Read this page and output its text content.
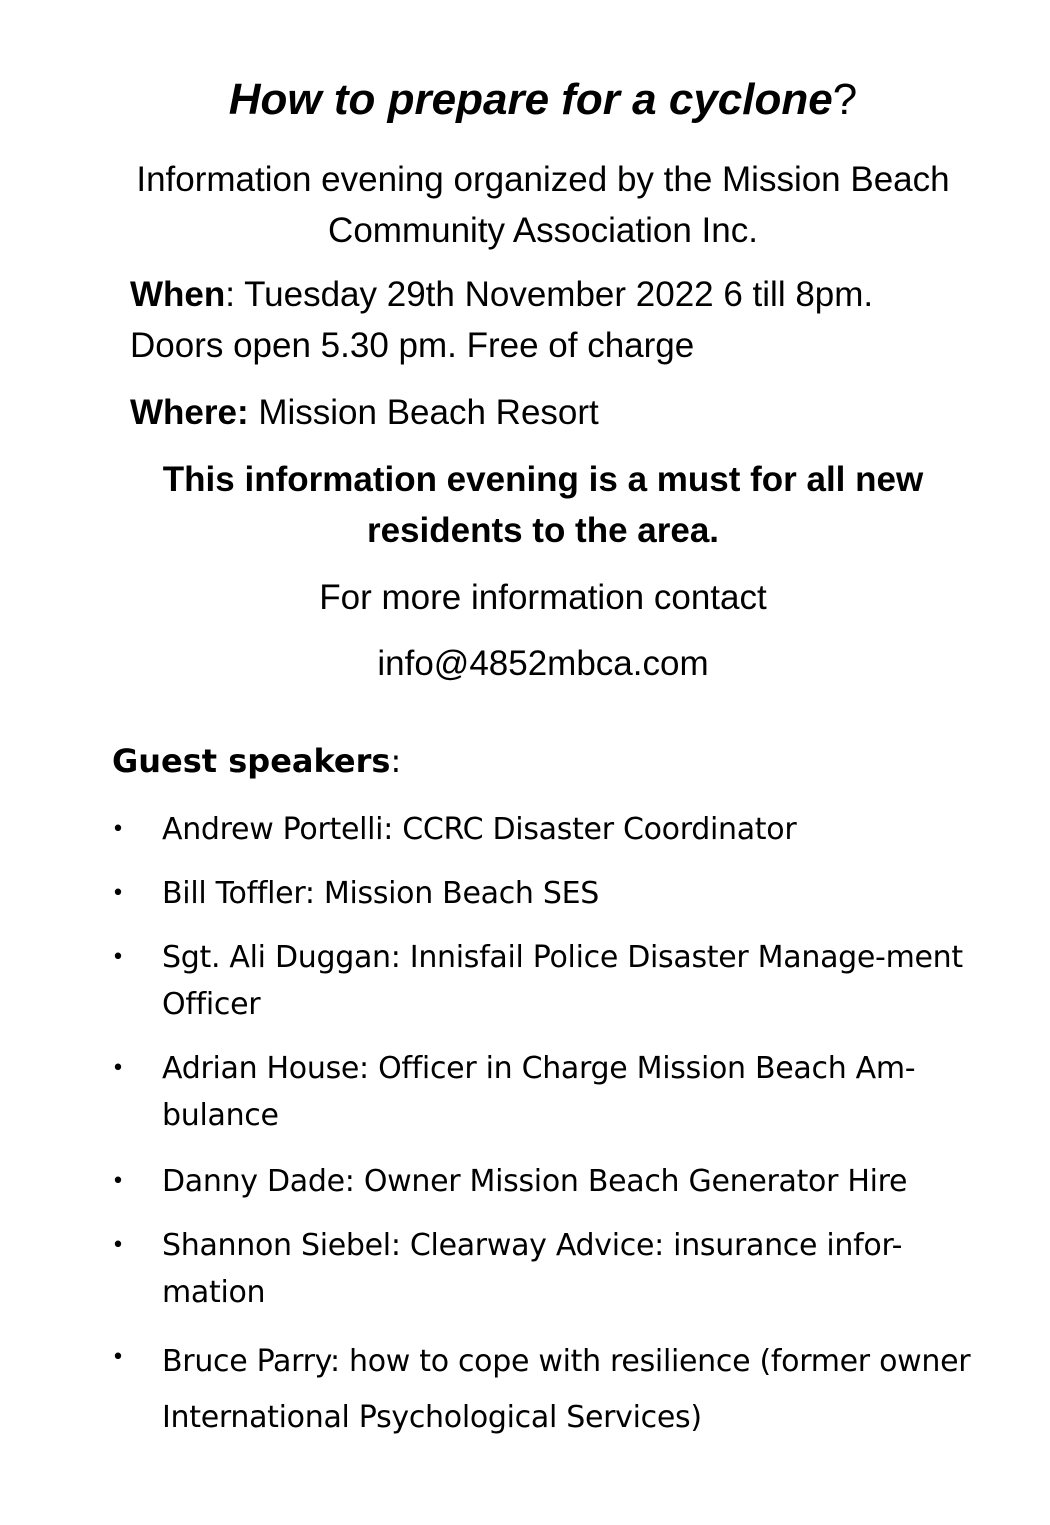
How to prepare for a cyclone?
Information evening organized by the Mission Beach Community Association Inc.
When: Tuesday 29th November 2022 6 till 8pm. Doors open 5.30 pm. Free of charge
Where: Mission Beach Resort
This information evening is a must for all new residents to the area.
For more information contact
info@4852mbca.com
Guest speakers:
• Andrew Portelli: CCRC Disaster Coordinator
• Bill Toffler: Mission Beach SES
• Sgt. Ali Duggan: Innisfail Police Disaster Manage-ment Officer
• Adrian House: Officer in Charge Mission Beach Am-bulance
• Danny Dade: Owner Mission Beach Generator Hire
• Shannon Siebel: Clearway Advice: insurance infor-mation
• Bruce Parry: how to cope with resilience (former owner International Psychological Services)
